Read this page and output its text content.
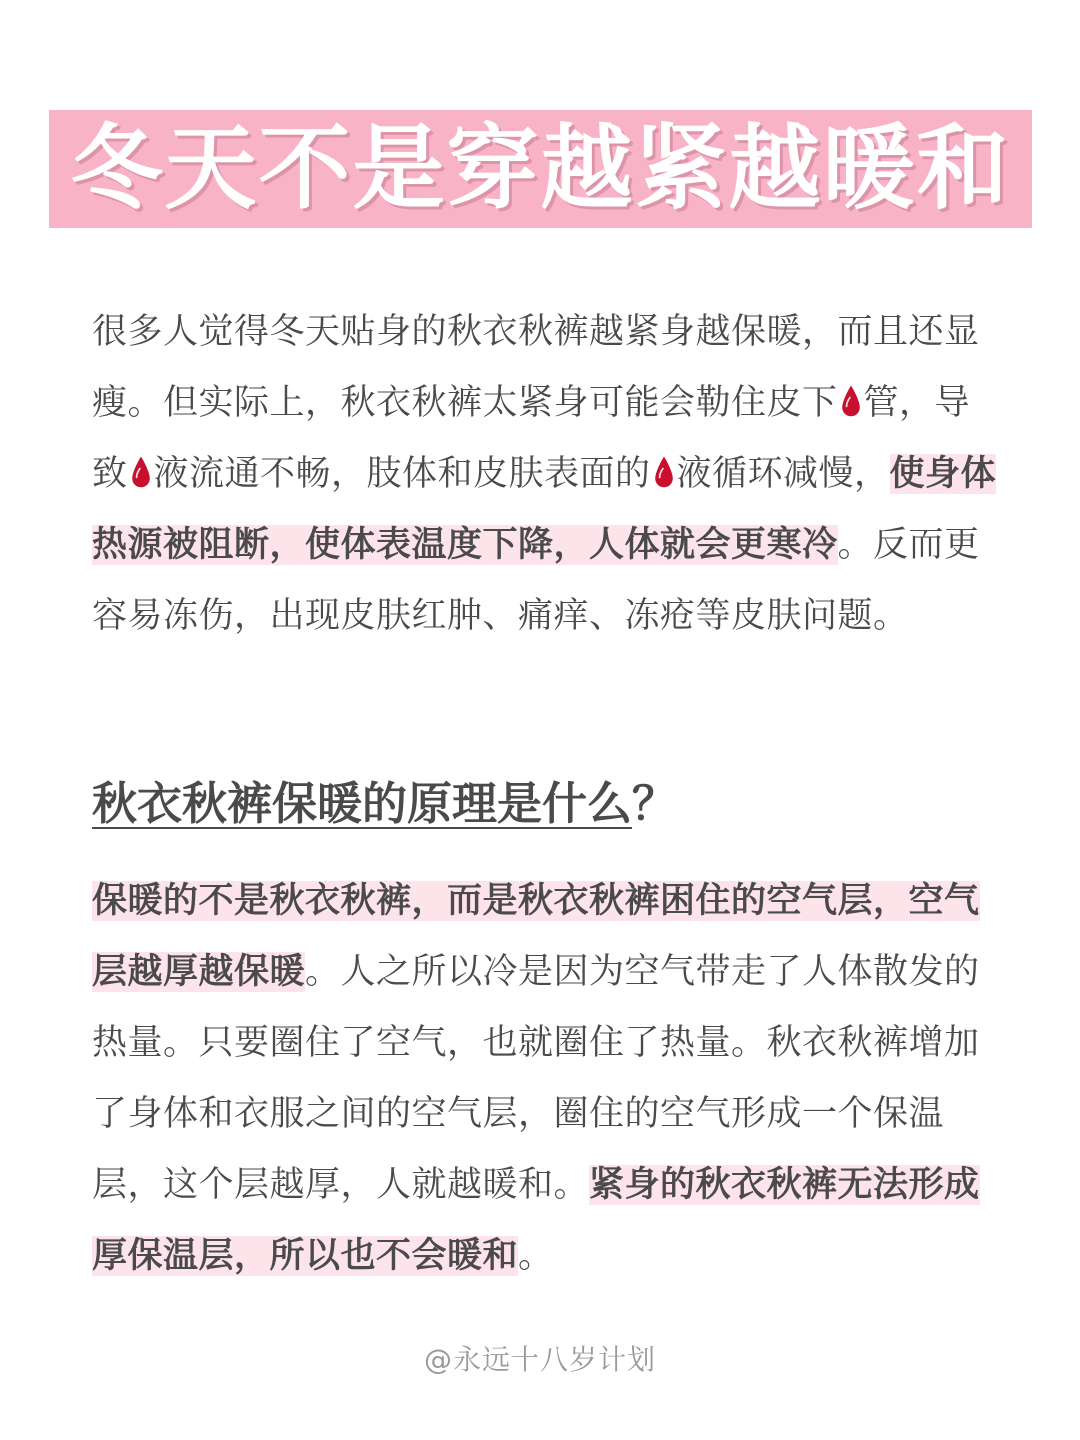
冬天不是穿越紧越暖和

很多人觉得冬天贴身的秋衣秋裤越紧身越保暖，而且还显瘦。但实际上，秋衣秋裤太紧身可能会勒住皮下 管，导致 液流通不畅，肢体和皮肤表面的 液循环减慢，使身体热源被阻断，使体表温度下降，人体就会更寒冷。反而更容易冻伤，出现皮肤红肿、痛痒、冻疮等皮肤问题。

秋衣秋裤保暖的原理是什么？

保暖的不是秋衣秋裤，而是秋衣秋裤困住的空气层，空气层越厚越保暖。人之所以冷是因为空气带走了人体散发的热量。只要圈住了空气，也就圈住了热量。秋衣秋裤增加了身体和衣服之间的空气层，圈住的空气形成一个保温层，这个层越厚，人就越暖和。紧身的秋衣秋裤无法形成厚保温层，所以也不会暖和。

@永远十八岁计划
